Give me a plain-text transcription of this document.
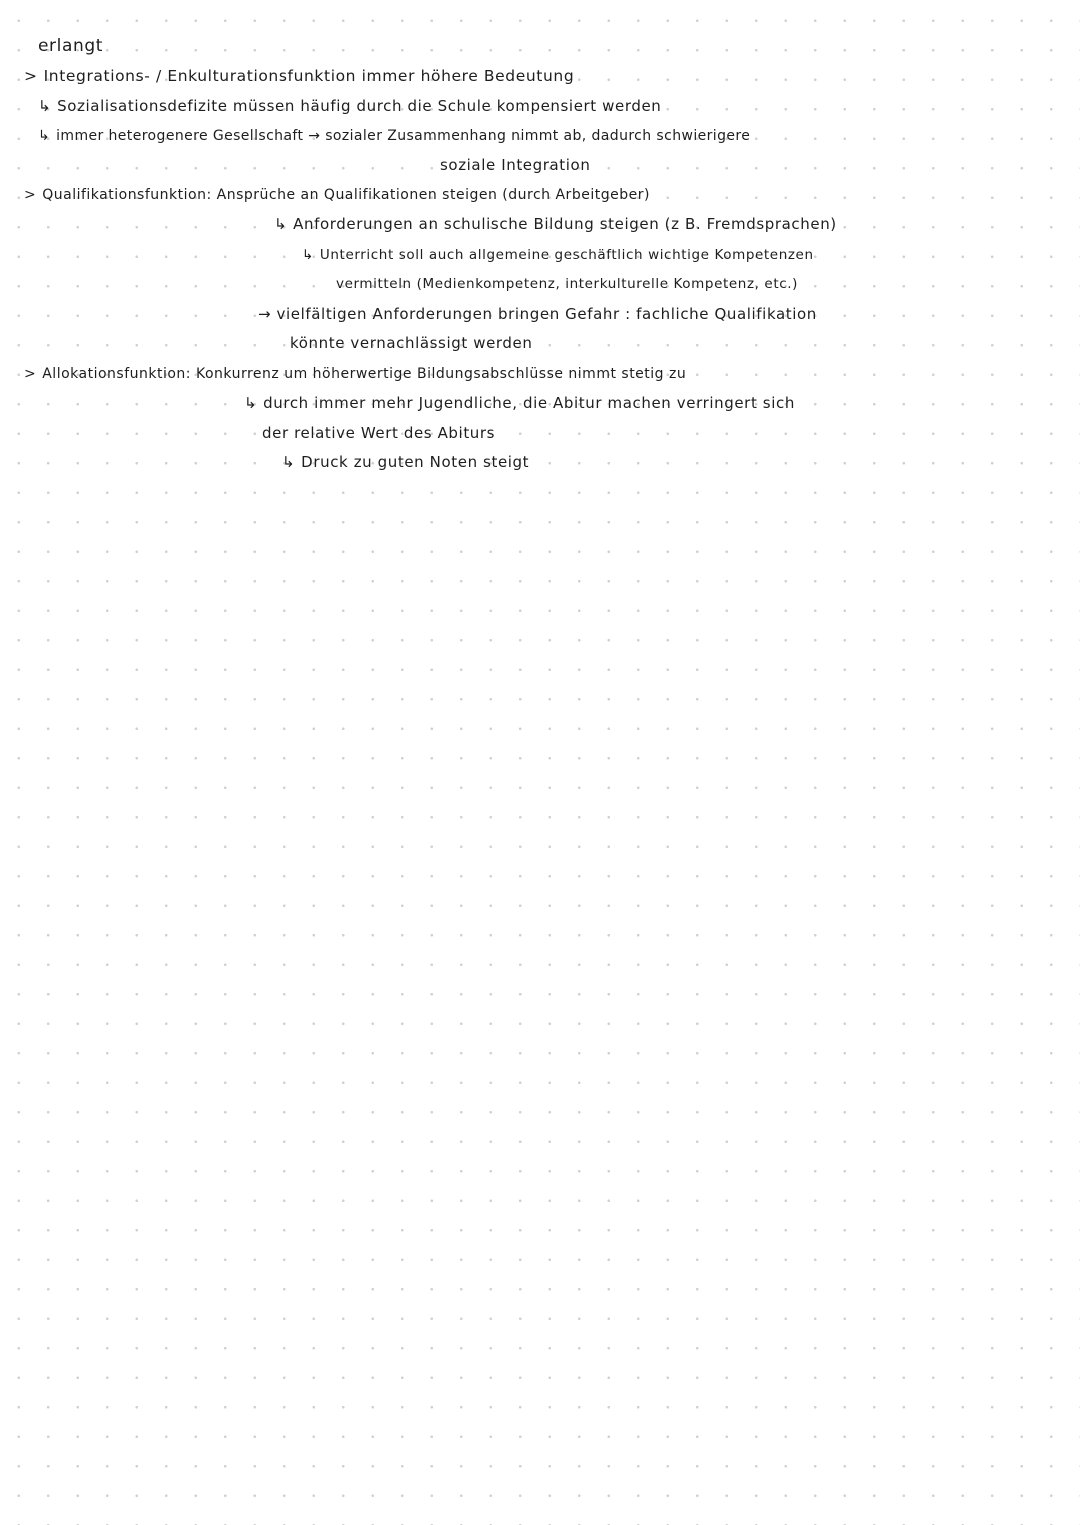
erlangt
> Integrations- / Enkulturationsfunktion immer höhere Bedeutung
↳ Sozialisationsdefizite müssen häufig durch die Schule kompensiert werden
↳ immer heterogenere Gesellschaft → sozialer Zusammenhang nimmt ab, dadurch schwierigere
soziale Integration
> Qualifikationsfunktion: Ansprüche an Qualifikationen steigen (durch Arbeitgeber)
↳ Anforderungen an schulische Bildung steigen (z B. Fremdsprachen)
↳ Unterricht soll auch allgemeine geschäftlich wichtige Kompetenzen
vermitteln (Medienkompetenz, interkulturelle Kompetenz, etc.)
→ vielfältigen Anforderungen bringen Gefahr : fachliche Qualifikation
könnte vernachlässigt werden
> Allokationsfunktion: Konkurrenz um höherwertige Bildungsabschlüsse nimmt stetig zu
↳ durch immer mehr Jugendliche, die Abitur machen verringert sich
der relative Wert des Abiturs
↳ Druck zu guten Noten steigt
